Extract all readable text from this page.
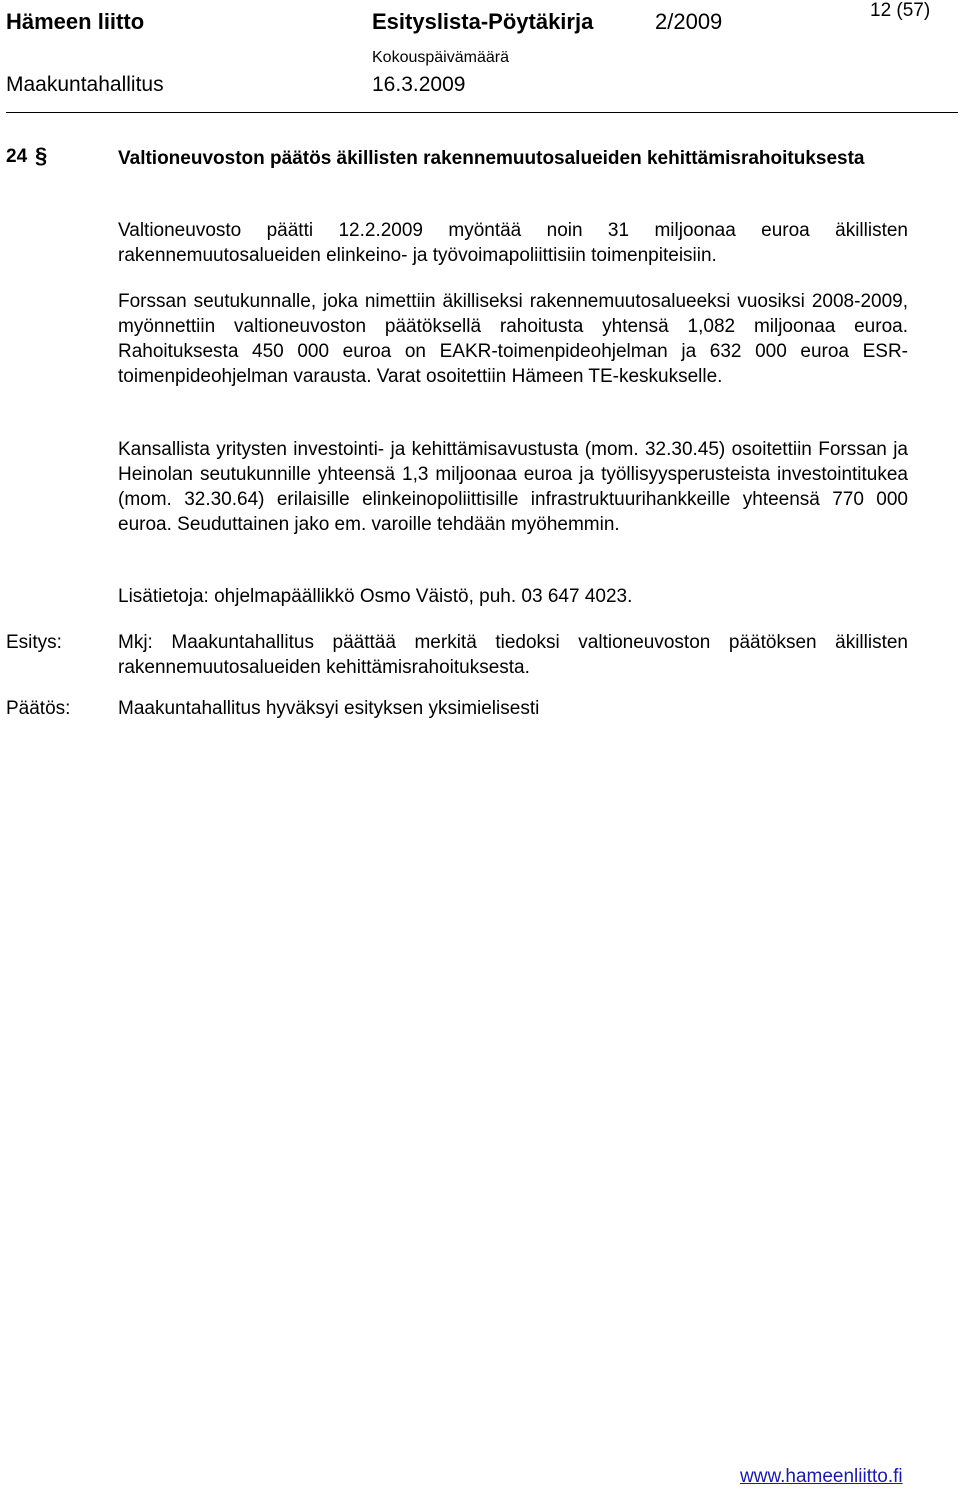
Hämeen liitto	Esityslista-Pöytäkirja	2/2009	12 (57)
Kokouspäivämäärä
Maakuntahallitus	16.3.2009
24 §	Valtioneuvoston päätös äkillisten rakennemuutosalueiden kehittämisrahoituksesta
Valtioneuvosto päätti 12.2.2009 myöntää noin 31 miljoonaa euroa äkillisten rakennemuutosalueiden elinkeino- ja työvoimapoliittisiin toimenpiteisiin.
Forssan seutukunnalle, joka nimettiin äkilliseksi rakennemuutosalueeksi vuosiksi 2008-2009, myönnettiin valtioneuvoston päätöksellä rahoitusta yhtensä 1,082 miljoonaa euroa. Rahoituksesta 450 000 euroa on EAKR-toimenpideohjelman ja 632 000 euroa ESR-toimenpideohjelman varausta. Varat osoitettiin Hämeen TE-keskukselle.
Kansallista yritysten investointi- ja kehittämisavustusta (mom. 32.30.45) osoitettiin Forssan ja Heinolan seutukunnille yhteensä 1,3 miljoonaa euroa ja työllisyysperusteista investointitukea (mom. 32.30.64) erilaisille elinkeinopoliittisille infrastruktuurihankkeille yhteensä 770 000 euroa. Seuduttainen jako em. varoille tehdään myöhemmin.
Lisätietoja: ohjelmapäällikkö Osmo Väistö, puh. 03 647 4023.
Esitys:	Mkj: Maakuntahallitus päättää merkitä tiedoksi valtioneuvoston päätöksen äkillisten rakennemuutosalueiden kehittämisrahoituksesta.
Päätös:	Maakuntahallitus hyväksyi esityksen yksimielisesti
www.hameenliitto.fi
